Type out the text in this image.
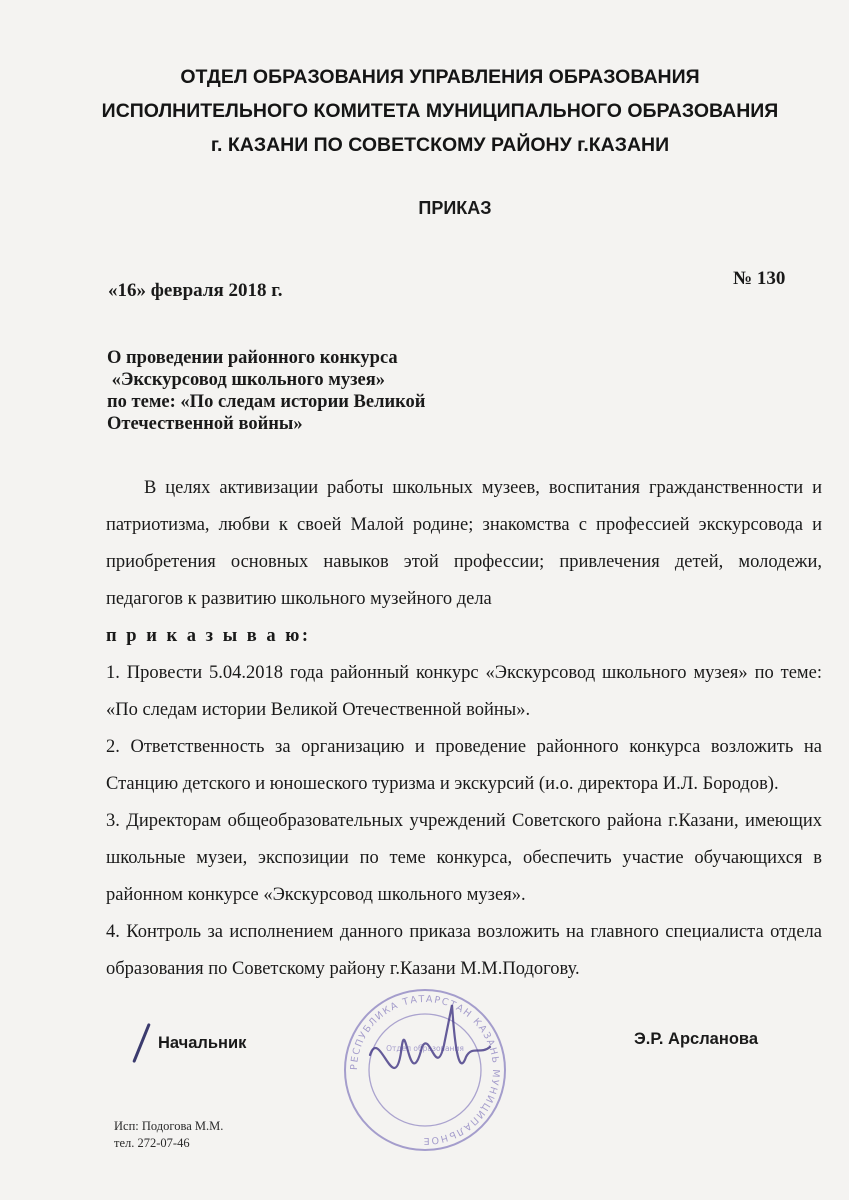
ОТДЕЛ ОБРАЗОВАНИЯ УПРАВЛЕНИЯ ОБРАЗОВАНИЯ
ИСПОЛНИТЕЛЬНОГО КОМИТЕТА МУНИЦИПАЛЬНОГО ОБРАЗОВАНИЯ
г. КАЗАНИ ПО СОВЕТСКОМУ РАЙОНУ г.КАЗАНИ
ПРИКАЗ
«16» февраля 2018 г.
№ 130
О проведении районного конкурса
«Экскурсовод школьного музея»
по теме: «По следам истории Великой
Отечественной войны»

В целях активизации работы школьных музеев, воспитания гражданственности и патриотизма, любви к своей Малой родине; знакомства с профессией экскурсовода и приобретения основных навыков этой профессии; привлечения детей, молодежи, педагогов к развитию школьного музейного дела

п р и к а з ы в а ю:

1. Провести 5.04.2018 года районный конкурс «Экскурсовод школьного музея» по теме: «По следам истории Великой Отечественной войны».

2. Ответственность за организацию и проведение районного конкурса возложить на Станцию детского и юношеского туризма и экскурсий (и.о. директора И.Л. Бородов).

3. Директорам общеобразовательных учреждений Советского района г.Казани, имеющих школьные музеи, экспозиции по теме конкурса, обеспечить участие обучающихся в районном конкурсе «Экскурсовод школьного музея».

4. Контроль за исполнением данного приказа возложить на главного специалиста отдела образования по Советскому району г.Казани М.М.Подогову.

РЕСПУБЛИКА ТАТАРСТАН КАЗАНЬ МУНИЦИПАЛЬНОЕ
Отдел образования
Начальник	Э.Р. Арсланова
Исп: Подогова М.М.
тел. 272-07-46
